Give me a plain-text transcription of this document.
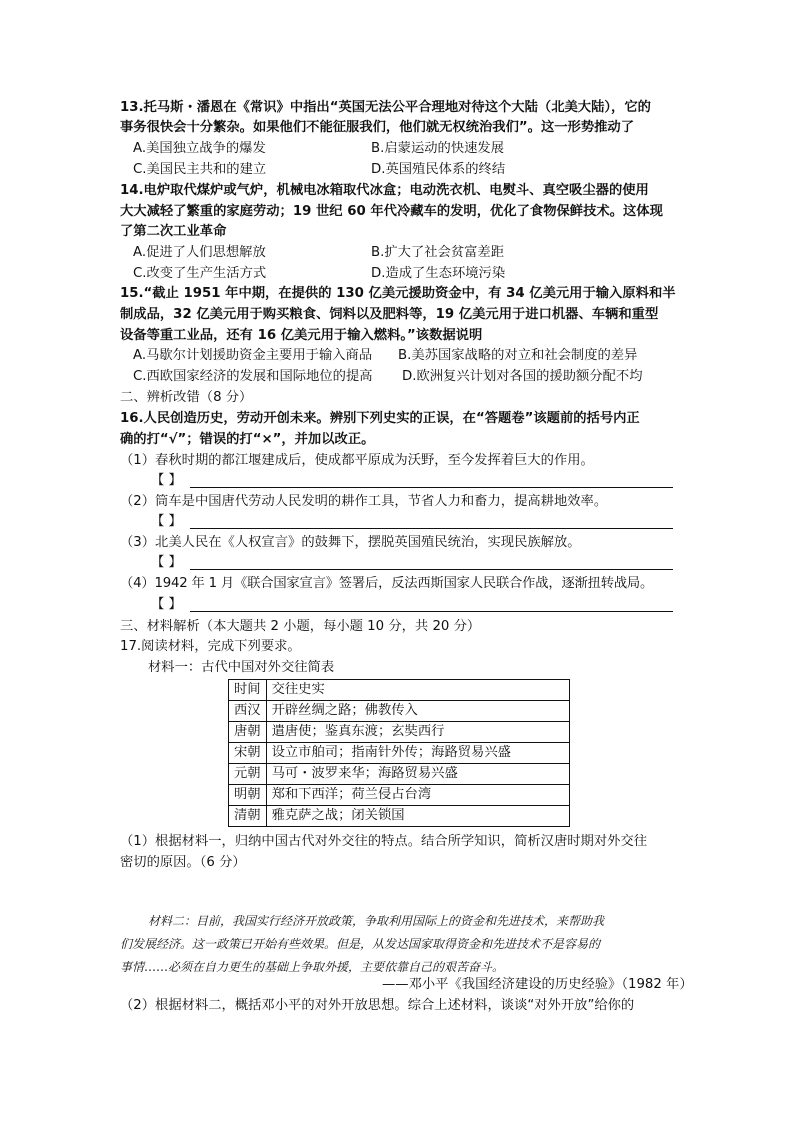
13.托马斯・潘恩在《常识》中指出“英国无法公平合理地对待这个大陆（北美大陆），它的
事务很快会十分繁杂。如果他们不能征服我们，他们就无权统治我们”。这一形势推动了
A.美国独立战争的爆发	B.启蒙运动的快速发展
C.美国民主共和的建立	D.英国殖民体系的终结
14.电炉取代煤炉或气炉，机械电冰箱取代冰盒；电动洗衣机、电熨斗、真空吸尘器的使用
大大减轻了繁重的家庭劳动；19 世纪 60 年代冷藏车的发明，优化了食物保鲜技术。这体现
了第二次工业革命
A.促进了人们思想解放	B.扩大了社会贫富差距
C.改变了生产生活方式	D.造成了生态环境污染
15.“截止 1951 年中期，在提供的 130 亿美元援助资金中，有 34 亿美元用于输入原料和半
制成品，32 亿美元用于购买粮食、饲料以及肥料等，19 亿美元用于进口机器、车辆和重型
设备等重工业品，还有 16 亿美元用于输入燃料。”该数据说明
A.马歇尔计划援助资金主要用于输入商品 B.美苏国家战略的对立和社会制度的差异
C.西欧国家经济的发展和国际地位的提高 D.欧洲复兴计划对各国的援助额分配不均
二、辨析改错（8 分）
16.人民创造历史，劳动开创未来。辨别下列史实的正误，在“答题卷”该题前的括号内正
确的打“√”；错误的打“×”，并加以改正。
（1）春秋时期的都江堰建成后，使成都平原成为沃野，至今发挥着巨大的作用。
【 】
（2）筒车是中国唐代劳动人民发明的耕作工具，节省人力和畜力，提高耕地效率。
【 】
（3）北美人民在《人权宣言》的鼓舞下，摆脱英国殖民统治，实现民族解放。
【 】
（4）1942 年 1 月《联合国家宣言》签署后，反法西斯国家人民联合作战，逐渐扭转战局。
【 】
三、材料解析（本大题共 2 小题，每小题 10 分，共 20 分）
17.阅读材料，完成下列要求。
材料一：古代中国对外交往简表
时间	交往史实
西汉	开辟丝绸之路；佛教传入
唐朝	遣唐使；鉴真东渡；玄奘西行
宋朝	设立市舶司；指南针外传；海路贸易兴盛
元朝	马可・波罗来华；海路贸易兴盛
明朝	郑和下西洋；荷兰侵占台湾
清朝	雅克萨之战；闭关锁国
（1）根据材料一，归纳中国古代对外交往的特点。结合所学知识，简析汉唐时期对外交往
密切的原因。（6 分）
材料二：目前，我国实行经济开放政策，争取利用国际上的资金和先进技术，来帮助我
们发展经济。这一政策已开始有些效果。但是，从发达国家取得资金和先进技术不是容易的
事情……必须在自力更生的基础上争取外援，主要依靠自己的艰苦奋斗。
——邓小平《我国经济建设的历史经验》（1982 年）
（2）根据材料二，概括邓小平的对外开放思想。综合上述材料，谈谈“对外开放”给你的
